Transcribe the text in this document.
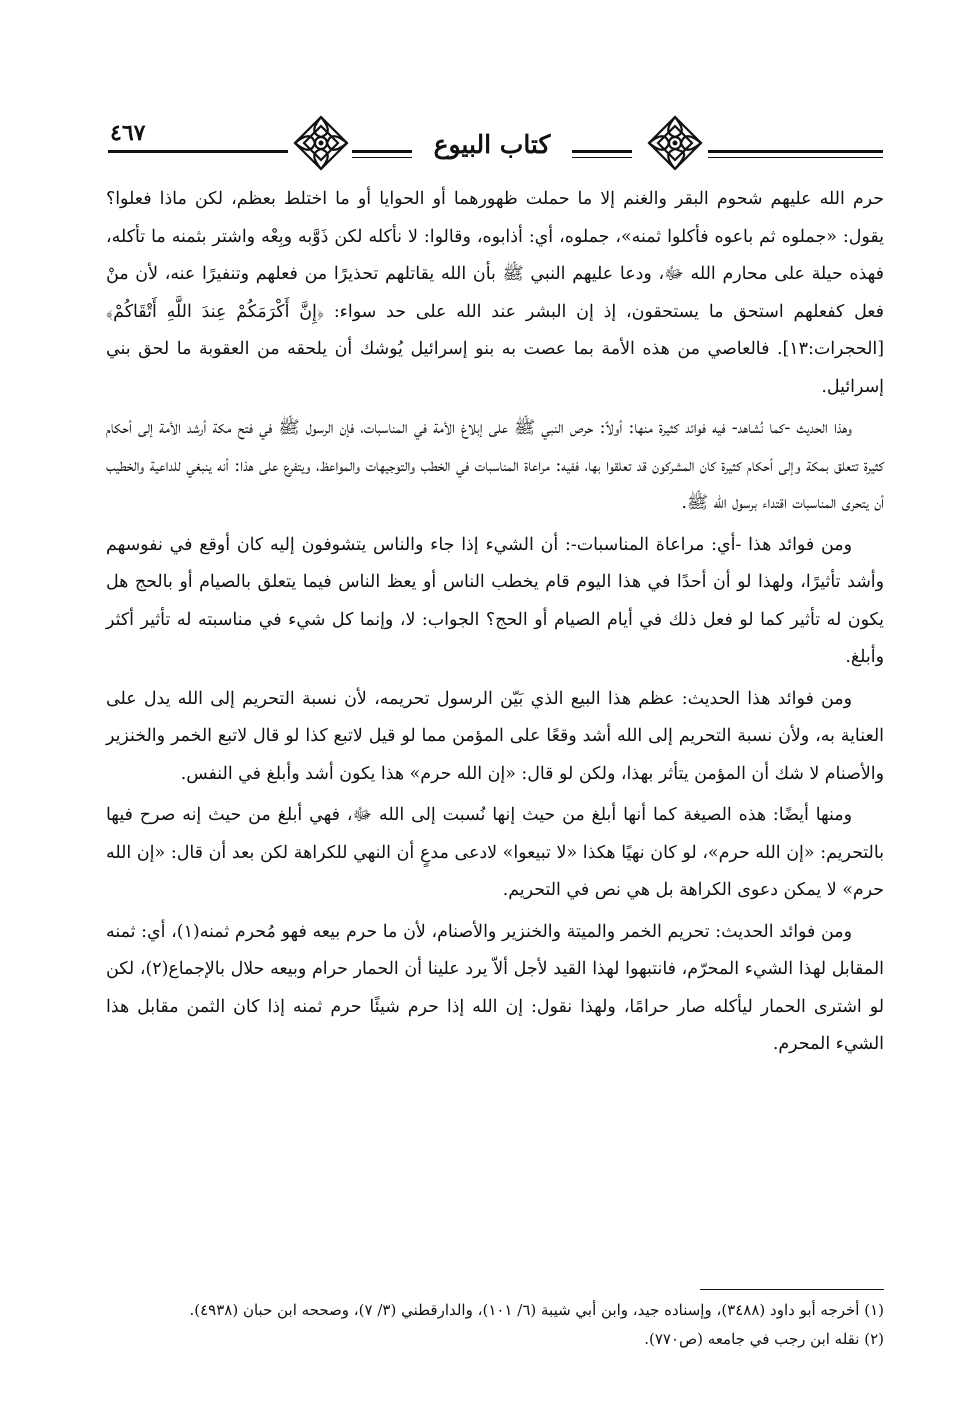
٤٦٧	كتاب البيوع

حرم الله عليهم شحوم البقر والغنم إلا ما حملت ظهورهما أو الحوايا أو ما اختلط بعظم، لكن ماذا فعلوا؟ يقول: «جملوه ثم باعوه فأكلوا ثمنه»، جملوه، أي: أذابوه، وقالوا: لا نأكله لكن ذَوَّبه وبِعْه واشتر بثمنه ما تأكله، فهذه حيلة على محارم الله ﷻ، ودعا عليهم النبي ﷺ بأن الله يقاتلهم تحذيرًا من فعلهم وتنفيرًا عنه، لأن منْ فعل كفعلهم استحق ما يستحقون، إذ إن البشر عند الله على حد سواء: ﴿إِنَّ أَكْرَمَكُمْ عِندَ اللَّهِ أَتْقَاكُمْ﴾ [الحجرات:١٣]. فالعاصي من هذه الأمة بما عصت به بنو إسرائيل يُوشك أن يلحقه من العقوبة ما لحق بني إسرائيل.

وهذا الحديث -كما نُشاهد- فيه فوائد كثيرة منها: أولاً: حرص النبي ﷺ على إبلاغ الأمة في المناسبات، فإن الرسول ﷺ في فتح مكة أرشد الأمة إلى أحكام كثيرة تتعلق بمكة وإلى أحكام كثيرة كان المشركون قد تعلقوا بها، ففيه: مراعاة المناسبات في الخطب والتوجيهات والمواعظ، ويتفرع على هذا: أنه ينبغي للداعية والخطيب أن يتحرى المناسبات اقتداء برسول الله ﷺ.

ومن فوائد هذا -أي: مراعاة المناسبات-: أن الشيء إذا جاء والناس يتشوفون إليه كان أوقع في نفوسهم وأشد تأثيرًا، ولهذا لو أن أحدًا في هذا اليوم قام يخطب الناس أو يعظ الناس فيما يتعلق بالصيام أو بالحج هل يكون له تأثير كما لو فعل ذلك في أيام الصيام أو الحج؟ الجواب: لا، وإنما كل شيء في مناسبته له تأثير أكثر وأبلغ.

ومن فوائد هذا الحديث: عظم هذا البيع الذي بَيّن الرسول تحريمه، لأن نسبة التحريم إلى الله يدل على العناية به، ولأن نسبة التحريم إلى الله أشد وقعًا على المؤمن مما لو قيل لاتبع كذا لو قال لاتبع الخمر والخنزير والأصنام لا شك أن المؤمن يتأثر بهذا، ولكن لو قال: «إن الله حرم» هذا يكون أشد وأبلغ في النفس.

ومنها أيضًا: هذه الصيغة كما أنها أبلغ من حيث إنها نُسبت إلى الله ﷻ، فهي أبلغ من حيث إنه صرح فيها بالتحريم: «إن الله حرم»، لو كان نهيًا هكذا «لا تبيعوا» لادعى مدعٍ أن النهي للكراهة لكن بعد أن قال: «إن الله حرم» لا يمكن دعوى الكراهة بل هي نص في التحريم.

ومن فوائد الحديث: تحريم الخمر والميتة والخنزير والأصنام، لأن ما حرم بيعه فهو مُحرم ثمنه(١)، أي: ثمنه المقابل لهذا الشيء المحرّم، فانتبهوا لهذا القيد لأجل ألاّ يرد علينا أن الحمار حرام وبيعه حلال بالإجماع(٢)، لكن لو اشترى الحمار ليأكله صار حرامًا، ولهذا نقول: إن الله إذا حرم شيئًا حرم ثمنه إذا كان الثمن مقابل هذا الشيء المحرم.

(١) أخرجه أبو داود (٣٤٨٨)، وإسناده جيد، وابن أبي شيبة (٦/ ١٠١)، والدارقطني (٣/ ٧)، وصححه ابن حبان (٤٩٣٨).

(٢) نقله ابن رجب في جامعه (ص٧٧٠).
